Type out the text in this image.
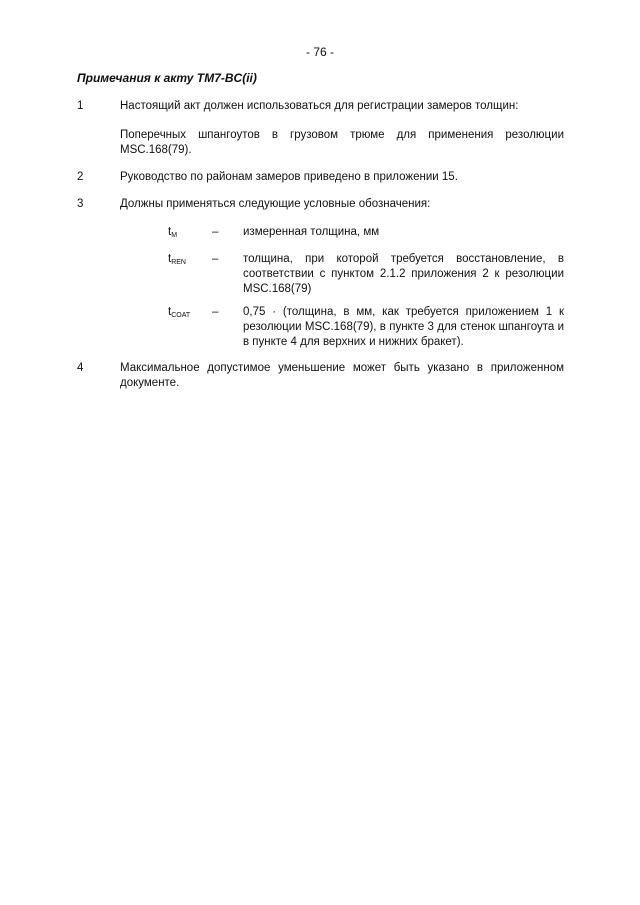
- 76 -
Примечания к акту ТМ7-BC(ii)
1	Настоящий акт должен использоваться для регистрации замеров толщин:
Поперечных шпангоутов в грузовом трюме для применения резолюции MSC.168(79).
2	Руководство по районам замеров приведено в приложении 15.
3	Должны применяться следующие условные обозначения:
$t_M$	– измеренная толщина, мм
$t_{REN}$ – толщина, при которой требуется восстановление, в соответствии с пунктом 2.1.2 приложения 2 к резолюции MSC.168(79)
$t_{COAT} - 0,75$ · (толщина, в мм, как требуется приложением 1 к резолюции MSC.168(79), в пункте 3 для стенок шпангоута и в пункте 4 для верхних и нижних бракет).
4	Максимальное допустимое уменьшение может быть указано в приложенном документе.
